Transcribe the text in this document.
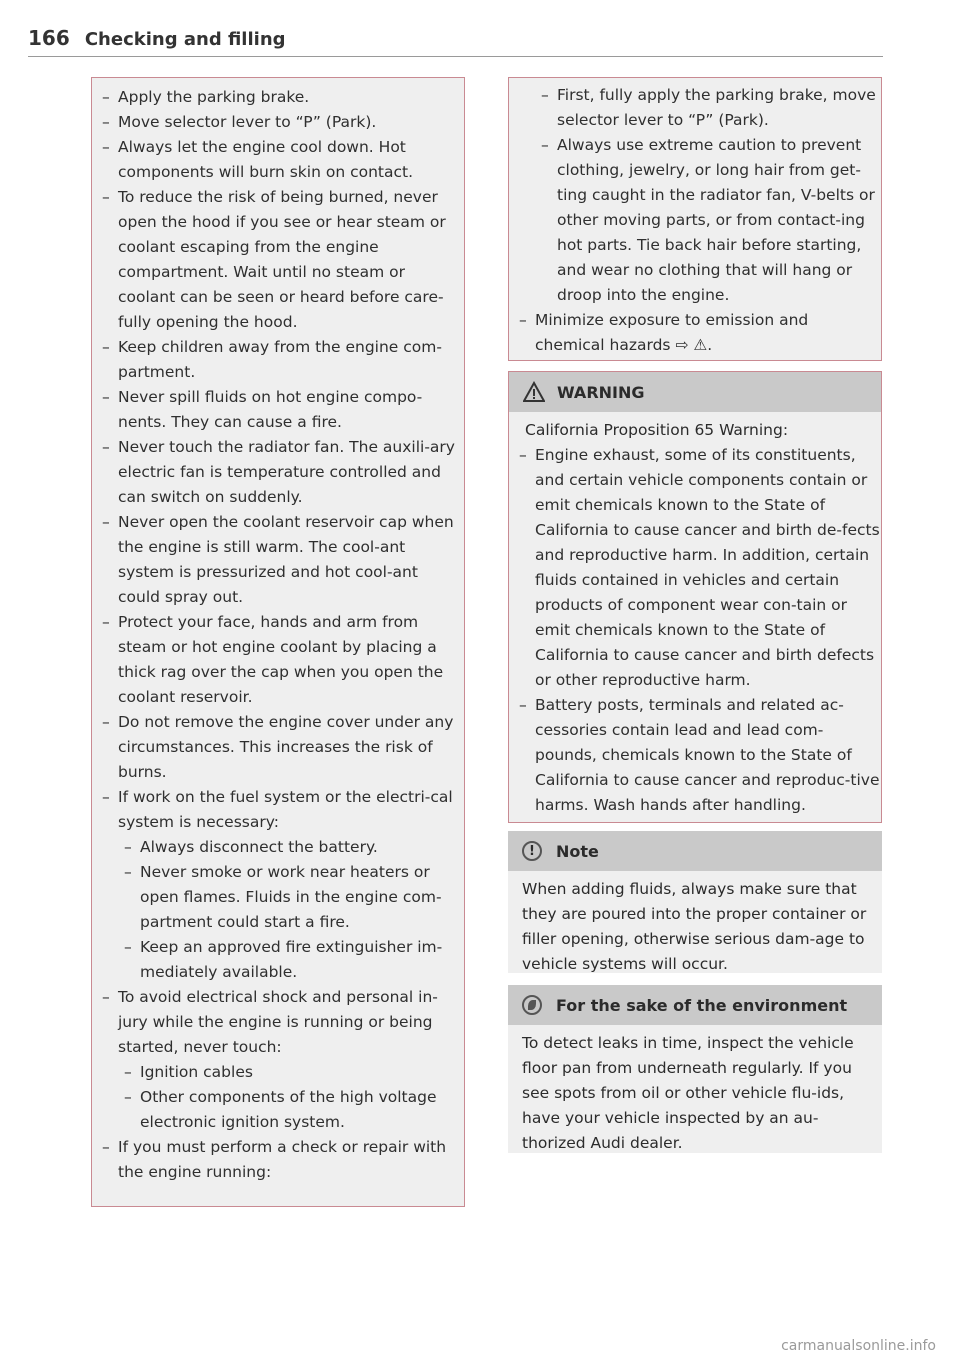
166 Checking and filling
– Apply the parking brake.
– Move selector lever to “P” (Park).
– Always let the engine cool down. Hot components will burn skin on contact.
– To reduce the risk of being burned, never open the hood if you see or hear steam or coolant escaping from the engine compartment. Wait until no steam or coolant can be seen or heard before care-fully opening the hood.
– Keep children away from the engine com-partment.
– Never spill fluids on hot engine compo-nents. They can cause a fire.
– Never touch the radiator fan. The auxili-ary electric fan is temperature controlled and can switch on suddenly.
– Never open the coolant reservoir cap when the engine is still warm. The cool-ant system is pressurized and hot cool-ant could spray out.
– Protect your face, hands and arm from steam or hot engine coolant by placing a thick rag over the cap when you open the coolant reservoir.
– Do not remove the engine cover under any circumstances. This increases the risk of burns.
– If work on the fuel system or the electri-cal system is necessary:
– Always disconnect the battery.
– Never smoke or work near heaters or open flames. Fluids in the engine com-partment could start a fire.
– Keep an approved fire extinguisher im-mediately available.
– To avoid electrical shock and personal in-jury while the engine is running or being started, never touch:
– Ignition cables
– Other components of the high voltage electronic ignition system.
– If you must perform a check or repair with the engine running:
– First, fully apply the parking brake, move selector lever to “P” (Park).
– Always use extreme caution to prevent clothing, jewelry, or long hair from get-ting caught in the radiator fan, V-belts or other moving parts, or from contact-ing hot parts. Tie back hair before starting, and wear no clothing that will hang or droop into the engine.
– Minimize exposure to emission and chemical hazards ⇨ ⚠.
WARNING

California Proposition 65 Warning:

– Engine exhaust, some of its constituents, and certain vehicle components contain or emit chemicals known to the State of California to cause cancer and birth de-fects and reproductive harm. In addition, certain fluids contained in vehicles and certain products of component wear con-tain or emit chemicals known to the State of California to cause cancer and birth defects or other reproductive harm.
– Battery posts, terminals and related ac-cessories contain lead and lead com-pounds, chemicals known to the State of California to cause cancer and reproduc-tive harms. Wash hands after handling.
!	Note

When adding fluids, always make sure that they are poured into the proper container or filler opening, otherwise serious dam-age to vehicle systems will occur.

For the sake of the environment

To detect leaks in time, inspect the vehicle floor pan from underneath regularly. If you see spots from oil or other vehicle flu-ids, have your vehicle inspected by an au-thorized Audi dealer.

carmanualsonline.info
